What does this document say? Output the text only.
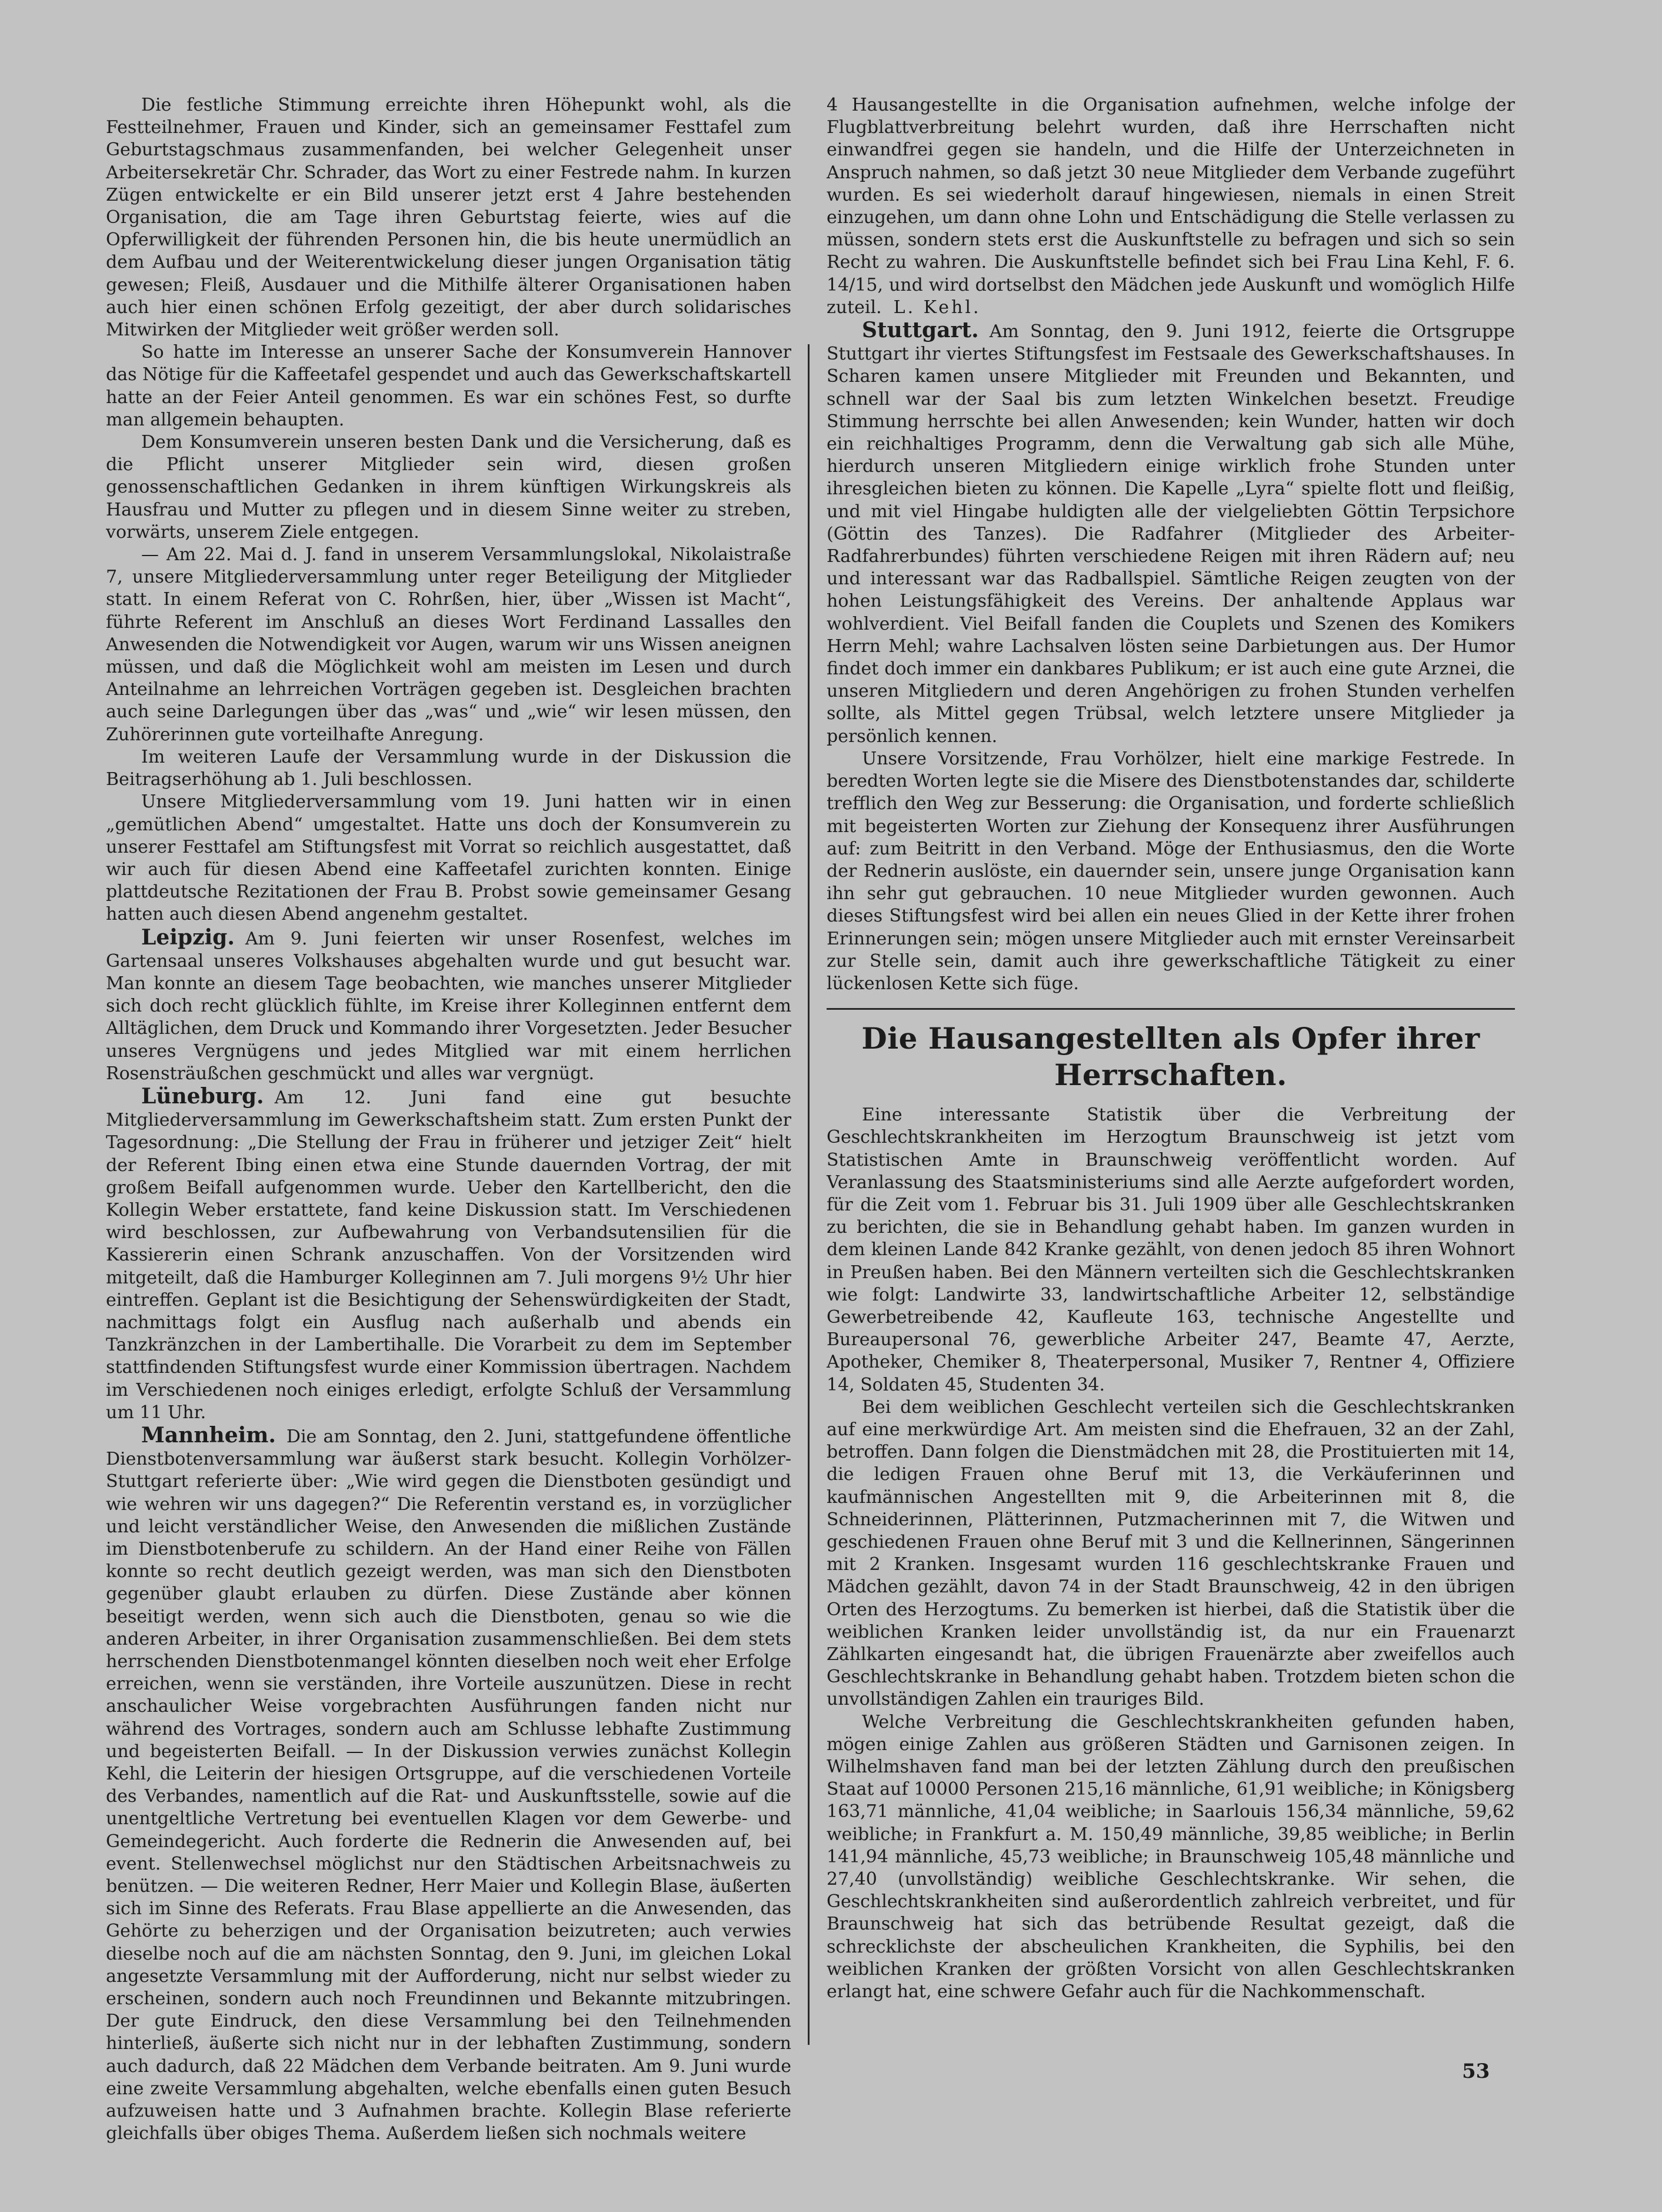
Die festliche Stimmung erreichte ihren Höhepunkt wohl, als die Festteilnehmer, Frauen und Kinder, sich an gemeinsamer Festtafel zum Geburtstagschmaus zusammenfanden, bei welcher Gelegenheit unser Arbeitersekretär Chr. Schrader, das Wort zu einer Festrede nahm. In kurzen Zügen entwickelte er ein Bild unserer jetzt erst 4 Jahre bestehenden Organisation, die am Tage ihren Geburtstag feierte, wies auf die Opferwilligkeit der führenden Personen hin, die bis heute unermüdlich an dem Aufbau und der Weiterentwickelung dieser jungen Organisation tätig gewesen; Fleiß, Ausdauer und die Mithilfe älterer Organisationen haben auch hier einen schönen Erfolg gezeitigt, der aber durch solidarisches Mitwirken der Mitglieder weit größer werden soll.

So hatte im Interesse an unserer Sache der Konsumverein Hannover das Nötige für die Kaffeetafel gespendet und auch das Gewerkschaftskartell hatte an der Feier Anteil genommen. Es war ein schönes Fest, so durfte man allgemein behaupten.

Dem Konsumverein unseren besten Dank und die Versicherung, daß es die Pflicht unserer Mitglieder sein wird, diesen großen genossenschaftlichen Gedanken in ihrem künftigen Wirkungskreis als Hausfrau und Mutter zu pflegen und in diesem Sinne weiter zu streben, vorwärts, unserem Ziele entgegen.

— Am 22. Mai d. J. fand in unserem Versammlungslokal, Nikolaistraße 7, unsere Mitgliederversammlung unter reger Beteiligung der Mitglieder statt. In einem Referat von C. Rohrßen, hier, über „Wissen ist Macht“, führte Referent im Anschluß an dieses Wort Ferdinand Lassalles den Anwesenden die Notwendigkeit vor Augen, warum wir uns Wissen aneignen müssen, und daß die Möglichkeit wohl am meisten im Lesen und durch Anteilnahme an lehrreichen Vorträgen gegeben ist. Desgleichen brachten auch seine Darlegungen über das „was“ und „wie“ wir lesen müssen, den Zuhörerinnen gute vorteilhafte Anregung.

Im weiteren Laufe der Versammlung wurde in der Diskussion die Beitragserhöhung ab 1. Juli beschlossen.

Unsere Mitgliederversammlung vom 19. Juni hatten wir in einen „gemütlichen Abend“ umgestaltet. Hatte uns doch der Konsumverein zu unserer Festtafel am Stiftungsfest mit Vorrat so reichlich ausgestattet, daß wir auch für diesen Abend eine Kaffeetafel zurichten konnten. Einige plattdeutsche Rezitationen der Frau B. Probst sowie gemeinsamer Gesang hatten auch diesen Abend angenehm gestaltet.

Leipzig. Am 9. Juni feierten wir unser Rosenfest, welches im Gartensaal unseres Volkshauses abgehalten wurde und gut besucht war. Man konnte an diesem Tage beobachten, wie manches unserer Mitglieder sich doch recht glücklich fühlte, im Kreise ihrer Kolleginnen entfernt dem Alltäglichen, dem Druck und Kommando ihrer Vorgesetzten. Jeder Besucher unseres Vergnügens und jedes Mitglied war mit einem herrlichen Rosensträußchen geschmückt und alles war vergnügt.

Lüneburg. Am 12. Juni fand eine gut besuchte Mitgliederversammlung im Gewerkschaftsheim statt. Zum ersten Punkt der Tagesordnung: „Die Stellung der Frau in früherer und jetziger Zeit“ hielt der Referent Ibing einen etwa eine Stunde dauernden Vortrag, der mit großem Beifall aufgenommen wurde. Ueber den Kartellbericht, den die Kollegin Weber erstattete, fand keine Diskussion statt. Im Verschiedenen wird beschlossen, zur Aufbewahrung von Verbandsutensilien für die Kassiererin einen Schrank anzuschaffen. Von der Vorsitzenden wird mitgeteilt, daß die Hamburger Kolleginnen am 7. Juli morgens 9½ Uhr hier eintreffen. Geplant ist die Besichtigung der Sehenswürdigkeiten der Stadt, nachmittags folgt ein Ausflug nach außerhalb und abends ein Tanzkränzchen in der Lambertihalle. Die Vorarbeit zu dem im September stattfindenden Stiftungsfest wurde einer Kommission übertragen. Nachdem im Verschiedenen noch einiges erledigt, erfolgte Schluß der Versammlung um 11 Uhr.

Mannheim. Die am Sonntag, den 2. Juni, stattgefundene öffentliche Dienstbotenversammlung war äußerst stark besucht. Kollegin Vorhölzer-Stuttgart referierte über: „Wie wird gegen die Dienstboten gesündigt und wie wehren wir uns dagegen?“ Die Referentin verstand es, in vorzüglicher und leicht verständlicher Weise, den Anwesenden die mißlichen Zustände im Dienstbotenberufe zu schildern. An der Hand einer Reihe von Fällen konnte so recht deutlich gezeigt werden, was man sich den Dienstboten gegenüber glaubt erlauben zu dürfen. Diese Zustände aber können beseitigt werden, wenn sich auch die Dienstboten, genau so wie die anderen Arbeiter, in ihrer Organisation zusammenschließen. Bei dem stets herrschenden Dienstbotenmangel könnten dieselben noch weit eher Erfolge erreichen, wenn sie verständen, ihre Vorteile auszunützen. Diese in recht anschaulicher Weise vorgebrachten Ausführungen fanden nicht nur während des Vortrages, sondern auch am Schlusse lebhafte Zustimmung und begeisterten Beifall. — In der Diskussion verwies zunächst Kollegin Kehl, die Leiterin der hiesigen Ortsgruppe, auf die verschiedenen Vorteile des Verbandes, namentlich auf die Rat- und Auskunftsstelle, sowie auf die unentgeltliche Vertretung bei eventuellen Klagen vor dem Gewerbe- und Gemeindegericht. Auch forderte die Rednerin die Anwesenden auf, bei event. Stellenwechsel möglichst nur den Städtischen Arbeitsnachweis zu benützen. — Die weiteren Redner, Herr Maier und Kollegin Blase, äußerten sich im Sinne des Referats. Frau Blase appellierte an die Anwesenden, das Gehörte zu beherzigen und der Organisation beizutreten; auch verwies dieselbe noch auf die am nächsten Sonntag, den 9. Juni, im gleichen Lokal angesetzte Versammlung mit der Aufforderung, nicht nur selbst wieder zu erscheinen, sondern auch noch Freundinnen und Bekannte mitzubringen. Der gute Eindruck, den diese Versammlung bei den Teilnehmenden hinterließ, äußerte sich nicht nur in der lebhaften Zustimmung, sondern auch dadurch, daß 22 Mädchen dem Verbande beitraten. Am 9. Juni wurde eine zweite Versammlung abgehalten, welche ebenfalls einen guten Besuch aufzuweisen hatte und 3 Aufnahmen brachte. Kollegin Blase referierte gleichfalls über obiges Thema. Außerdem ließen sich nochmals weitere

4 Hausangestellte in die Organisation aufnehmen, welche infolge der Flugblattverbreitung belehrt wurden, daß ihre Herrschaften nicht einwandfrei gegen sie handeln, und die Hilfe der Unterzeichneten in Anspruch nahmen, so daß jetzt 30 neue Mitglieder dem Verbande zugeführt wurden. Es sei wiederholt darauf hingewiesen, niemals in einen Streit einzugehen, um dann ohne Lohn und Entschädigung die Stelle verlassen zu müssen, sondern stets erst die Auskunftstelle zu befragen und sich so sein Recht zu wahren. Die Auskunftstelle befindet sich bei Frau Lina Kehl, F. 6. 14/15, und wird dortselbst den Mädchen jede Auskunft und womöglich Hilfe zuteil. L. Kehl.

Stuttgart. Am Sonntag, den 9. Juni 1912, feierte die Ortsgruppe Stuttgart ihr viertes Stiftungsfest im Festsaale des Gewerkschaftshauses. In Scharen kamen unsere Mitglieder mit Freunden und Bekannten, und schnell war der Saal bis zum letzten Winkelchen besetzt. Freudige Stimmung herrschte bei allen Anwesenden; kein Wunder, hatten wir doch ein reichhaltiges Programm, denn die Verwaltung gab sich alle Mühe, hierdurch unseren Mitgliedern einige wirklich frohe Stunden unter ihresgleichen bieten zu können. Die Kapelle „Lyra“ spielte flott und fleißig, und mit viel Hingabe huldigten alle der vielgeliebten Göttin Terpsichore (Göttin des Tanzes). Die Radfahrer (Mitglieder des Arbeiter-Radfahrerbundes) führten verschiedene Reigen mit ihren Rädern auf; neu und interessant war das Radballspiel. Sämtliche Reigen zeugten von der hohen Leistungsfähigkeit des Vereins. Der anhaltende Applaus war wohlverdient. Viel Beifall fanden die Couplets und Szenen des Komikers Herrn Mehl; wahre Lachsalven lösten seine Darbietungen aus. Der Humor findet doch immer ein dankbares Publikum; er ist auch eine gute Arznei, die unseren Mitgliedern und deren Angehörigen zu frohen Stunden verhelfen sollte, als Mittel gegen Trübsal, welch letztere unsere Mitglieder ja persönlich kennen.

Unsere Vorsitzende, Frau Vorhölzer, hielt eine markige Festrede. In beredten Worten legte sie die Misere des Dienstbotenstandes dar, schilderte trefflich den Weg zur Besserung: die Organisation, und forderte schließlich mit begeisterten Worten zur Ziehung der Konsequenz ihrer Ausführungen auf: zum Beitritt in den Verband. Möge der Enthusiasmus, den die Worte der Rednerin auslöste, ein dauernder sein, unsere junge Organisation kann ihn sehr gut gebrauchen. 10 neue Mitglieder wurden gewonnen. Auch dieses Stiftungsfest wird bei allen ein neues Glied in der Kette ihrer frohen Erinnerungen sein; mögen unsere Mitglieder auch mit ernster Vereinsarbeit zur Stelle sein, damit auch ihre gewerkschaftliche Tätigkeit zu einer lückenlosen Kette sich füge.

Die Hausangestellten als Opfer ihrer Herrschaften.

Eine interessante Statistik über die Verbreitung der Geschlechtskrankheiten im Herzogtum Braunschweig ist jetzt vom Statistischen Amte in Braunschweig veröffentlicht worden. Auf Veranlassung des Staatsministeriums sind alle Aerzte aufgefordert worden, für die Zeit vom 1. Februar bis 31. Juli 1909 über alle Geschlechtskranken zu berichten, die sie in Behandlung gehabt haben. Im ganzen wurden in dem kleinen Lande 842 Kranke gezählt, von denen jedoch 85 ihren Wohnort in Preußen haben. Bei den Männern verteilten sich die Geschlechtskranken wie folgt: Landwirte 33, landwirtschaftliche Arbeiter 12, selbständige Gewerbetreibende 42, Kaufleute 163, technische Angestellte und Bureaupersonal 76, gewerbliche Arbeiter 247, Beamte 47, Aerzte, Apotheker, Chemiker 8, Theaterpersonal, Musiker 7, Rentner 4, Offiziere 14, Soldaten 45, Studenten 34.

Bei dem weiblichen Geschlecht verteilen sich die Geschlechtskranken auf eine merkwürdige Art. Am meisten sind die Ehefrauen, 32 an der Zahl, betroffen. Dann folgen die Dienstmädchen mit 28, die Prostituierten mit 14, die ledigen Frauen ohne Beruf mit 13, die Verkäuferinnen und kaufmännischen Angestellten mit 9, die Arbeiterinnen mit 8, die Schneiderinnen, Plätterinnen, Putzmacherinnen mit 7, die Witwen und geschiedenen Frauen ohne Beruf mit 3 und die Kellnerinnen, Sängerinnen mit 2 Kranken. Insgesamt wurden 116 geschlechtskranke Frauen und Mädchen gezählt, davon 74 in der Stadt Braunschweig, 42 in den übrigen Orten des Herzogtums. Zu bemerken ist hierbei, daß die Statistik über die weiblichen Kranken leider unvollständig ist, da nur ein Frauenarzt Zählkarten eingesandt hat, die übrigen Frauenärzte aber zweifellos auch Geschlechtskranke in Behandlung gehabt haben. Trotzdem bieten schon die unvollständigen Zahlen ein trauriges Bild.

Welche Verbreitung die Geschlechtskrankheiten gefunden haben, mögen einige Zahlen aus größeren Städten und Garnisonen zeigen. In Wilhelmshaven fand man bei der letzten Zählung durch den preußischen Staat auf 10000 Personen 215,16 männliche, 61,91 weibliche; in Königsberg 163,71 männliche, 41,04 weibliche; in Saarlouis 156,34 männliche, 59,62 weibliche; in Frankfurt a. M. 150,49 männliche, 39,85 weibliche; in Berlin 141,94 männliche, 45,73 weibliche; in Braunschweig 105,48 männliche und 27,40 (unvollständig) weibliche Geschlechtskranke. Wir sehen, die Geschlechtskrankheiten sind außerordentlich zahlreich verbreitet, und für Braunschweig hat sich das betrübende Resultat gezeigt, daß die schrecklichste der abscheulichen Krankheiten, die Syphilis, bei den weiblichen Kranken der größten Vorsicht von allen Geschlechtskranken erlangt hat, eine schwere Gefahr auch für die Nachkommenschaft.

53
